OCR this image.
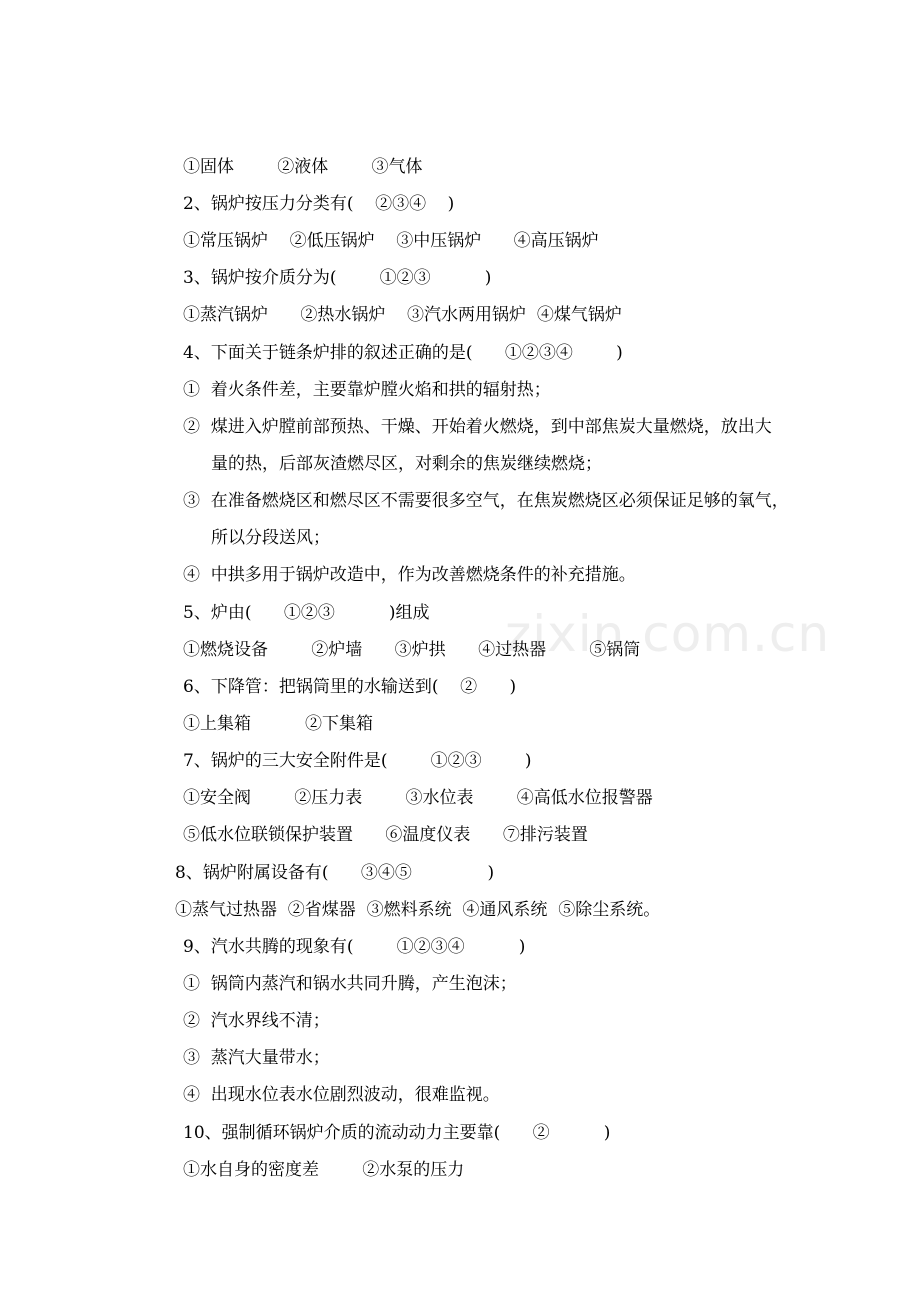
zixin.com.cn
①固体        ②液体        ③气体
2、锅炉按压力分类有(    ②③④    )
①常压锅炉    ②低压锅炉    ③中压锅炉      ④高压锅炉
3、锅炉按介质分为(        ①②③          )
①蒸汽锅炉      ②热水锅炉    ③汽水两用锅炉  ④煤气锅炉
4、下面关于链条炉排的叙述正确的是(      ①②③④        )
①  着火条件差，主要靠炉膛火焰和拱的辐射热；
②  煤进入炉膛前部预热、干燥、开始着火燃烧，到中部焦炭大量燃烧，放出大
量的热，后部灰渣燃尽区，对剩余的焦炭继续燃烧；
③  在准备燃烧区和燃尽区不需要很多空气，在焦炭燃烧区必须保证足够的氧气，
所以分段送风；
④  中拱多用于锅炉改造中，作为改善燃烧条件的补充措施。
5、炉由(      ①②③          )组成
①燃烧设备        ②炉墙      ③炉拱      ④过热器        ⑤锅筒
6、下降管：把锅筒里的水输送到(    ②      )
①上集箱          ②下集箱
7、锅炉的三大安全附件是(        ①②③        )
①安全阀        ②压力表        ③水位表        ④高低水位报警器
⑤低水位联锁保护装置      ⑥温度仪表      ⑦排污装置
8、锅炉附属设备有(      ③④⑤              )
①蒸气过热器  ②省煤器  ③燃料系统  ④通风系统  ⑤除尘系统。
9、汽水共腾的现象有(        ①②③④          )
①  锅筒内蒸汽和锅水共同升腾，产生泡沫；
②  汽水界线不清；
③  蒸汽大量带水；
④  出现水位表水位剧烈波动，很难监视。
10、强制循环锅炉介质的流动动力主要靠(      ②          )
①水自身的密度差        ②水泵的压力
